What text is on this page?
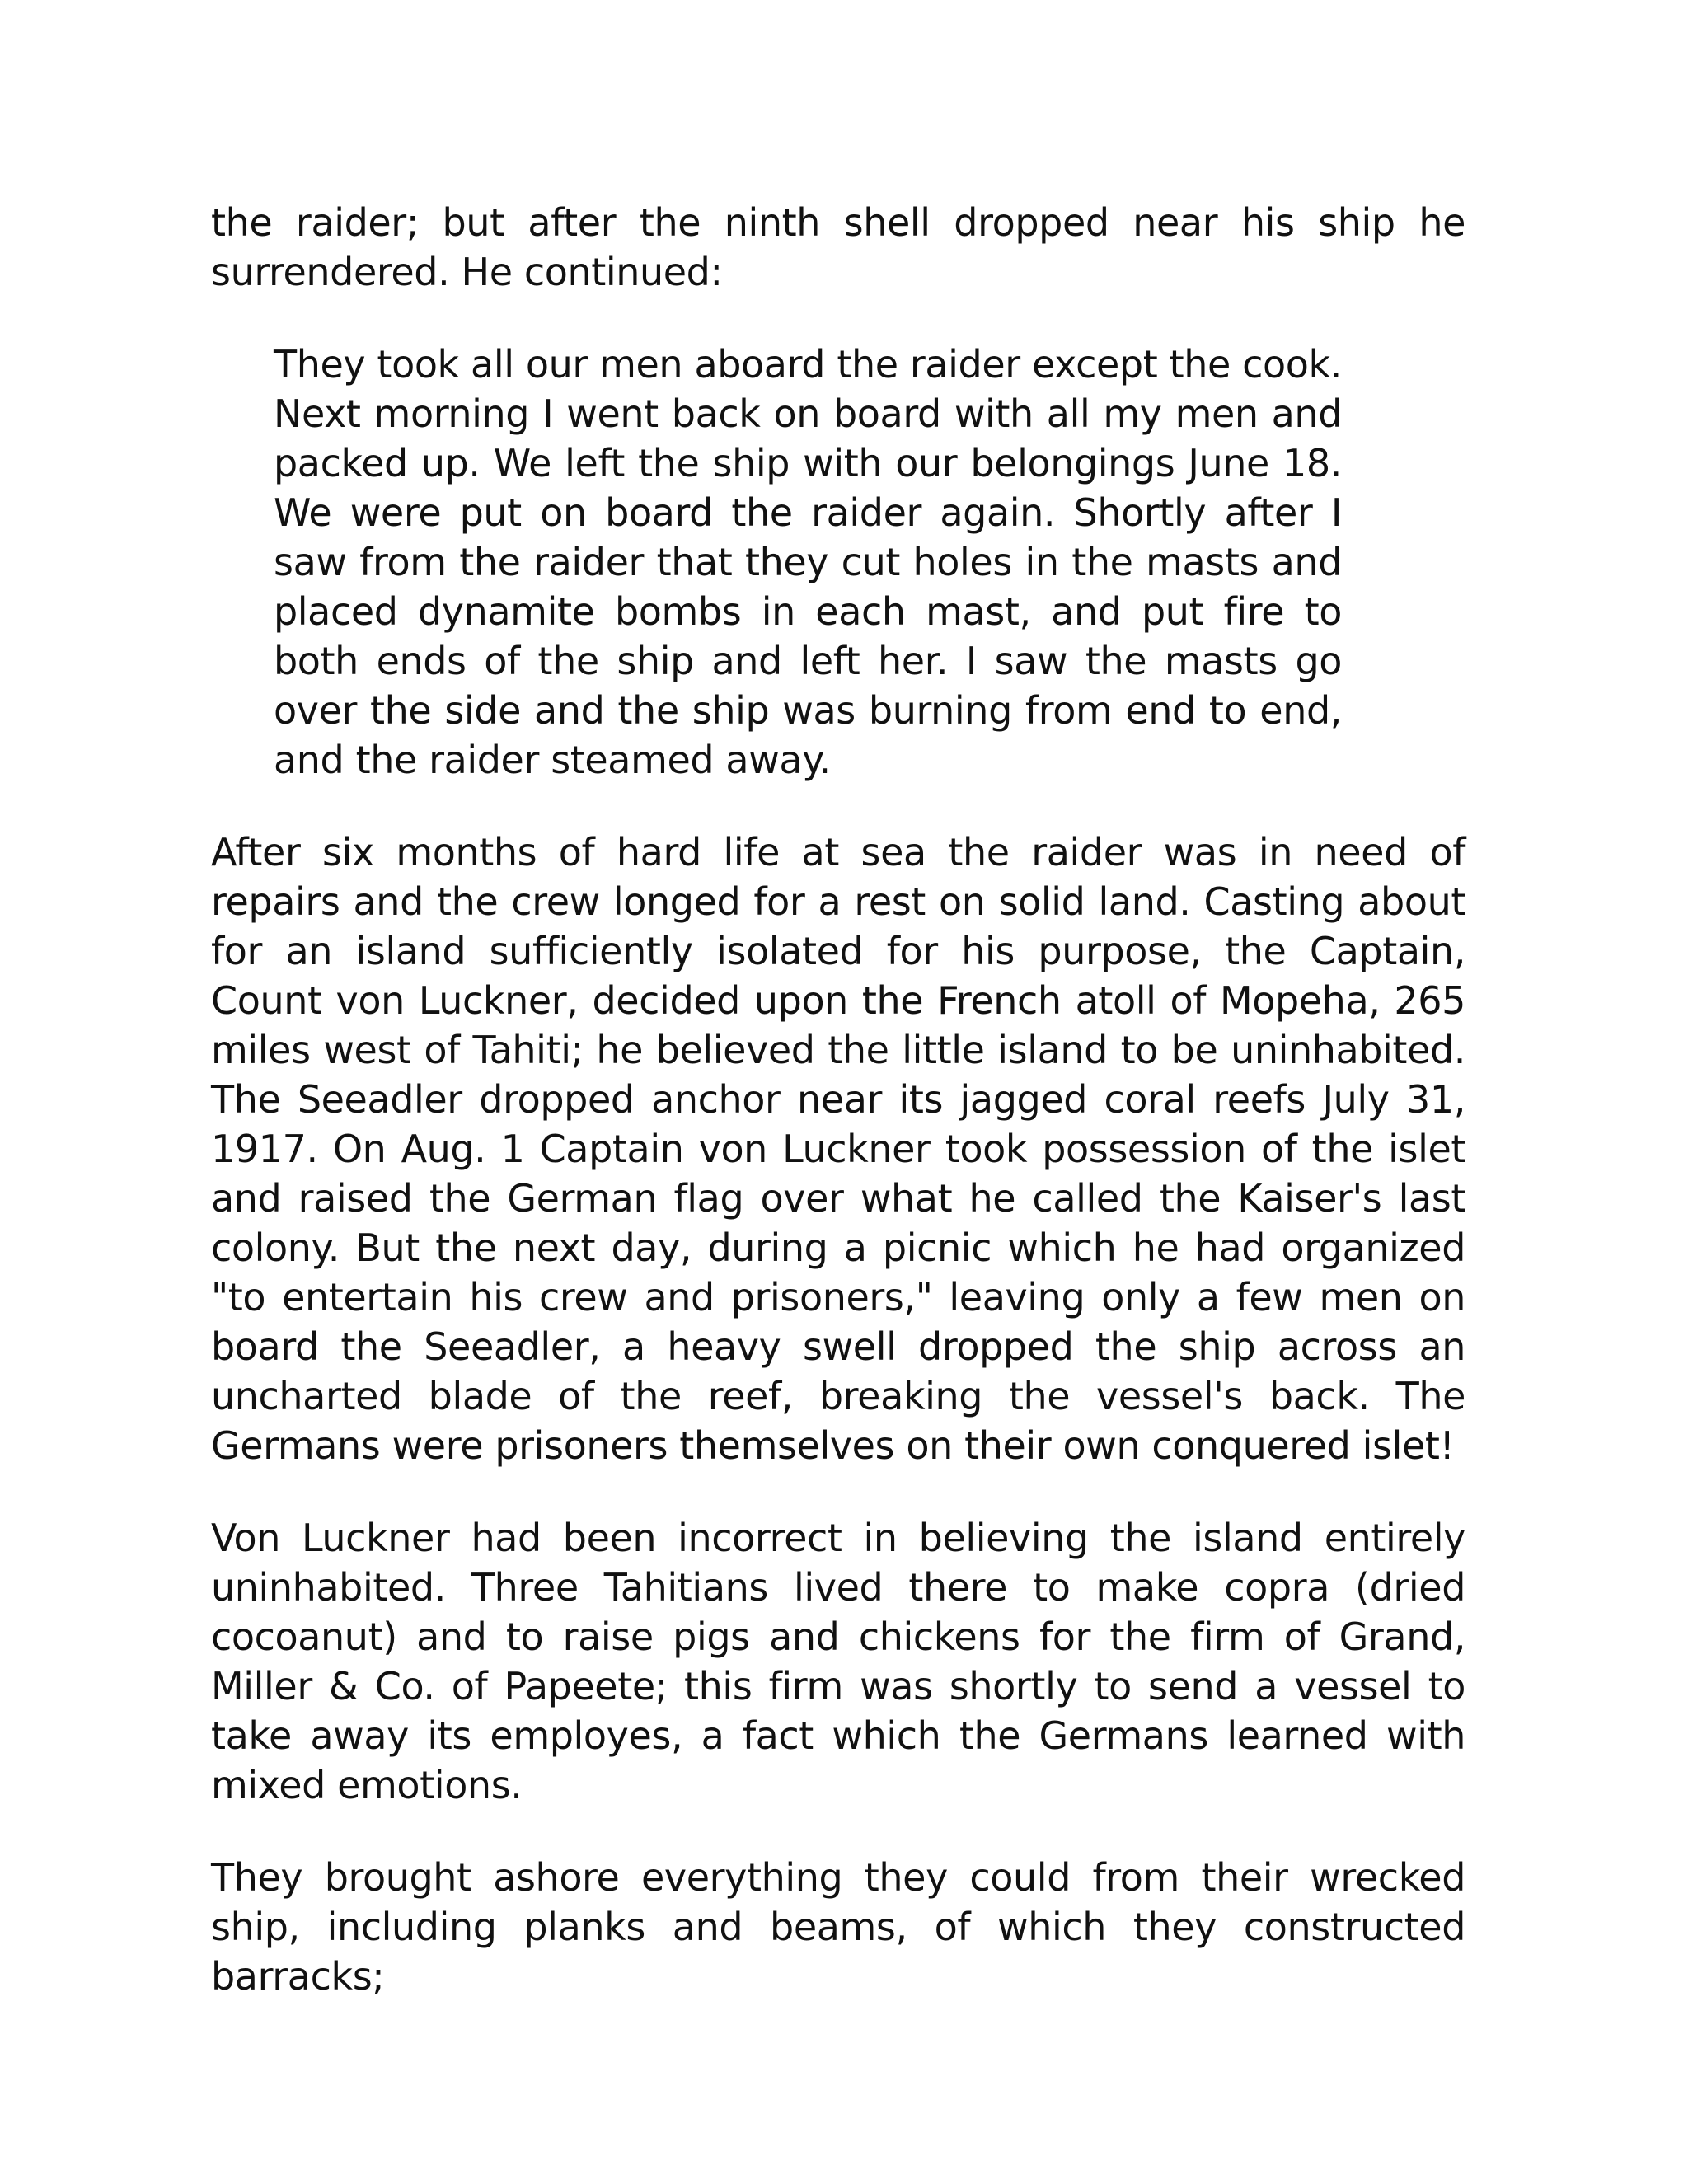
the raider; but after the ninth shell dropped near his ship he surrendered. He continued:

They took all our men aboard the raider except the cook. Next morning I went back on board with all my men and packed up. We left the ship with our belongings June 18. We were put on board the raider again. Shortly after I saw from the raider that they cut holes in the masts and placed dynamite bombs in each mast, and put fire to both ends of the ship and left her. I saw the masts go over the side and the ship was burning from end to end, and the raider steamed away.

After six months of hard life at sea the raider was in need of repairs and the crew longed for a rest on solid land. Casting about for an island sufficiently isolated for his purpose, the Captain, Count von Luckner, decided upon the French atoll of Mopeha, 265 miles west of Tahiti; he believed the little island to be uninhabited. The Seeadler dropped anchor near its jagged coral reefs July 31, 1917. On Aug. 1 Captain von Luckner took possession of the islet and raised the German flag over what he called the Kaiser's last colony. But the next day, during a picnic which he had organized "to entertain his crew and prisoners," leaving only a few men on board the Seeadler, a heavy swell dropped the ship across an uncharted blade of the reef, breaking the vessel's back. The Germans were prisoners themselves on their own conquered islet!

Von Luckner had been incorrect in believing the island entirely uninhabited. Three Tahitians lived there to make copra (dried cocoanut) and to raise pigs and chickens for the firm of Grand, Miller & Co. of Papeete; this firm was shortly to send a vessel to take away its employes, a fact which the Germans learned with mixed emotions.

They brought ashore everything they could from their wrecked ship, including planks and beams, of which they constructed barracks;
